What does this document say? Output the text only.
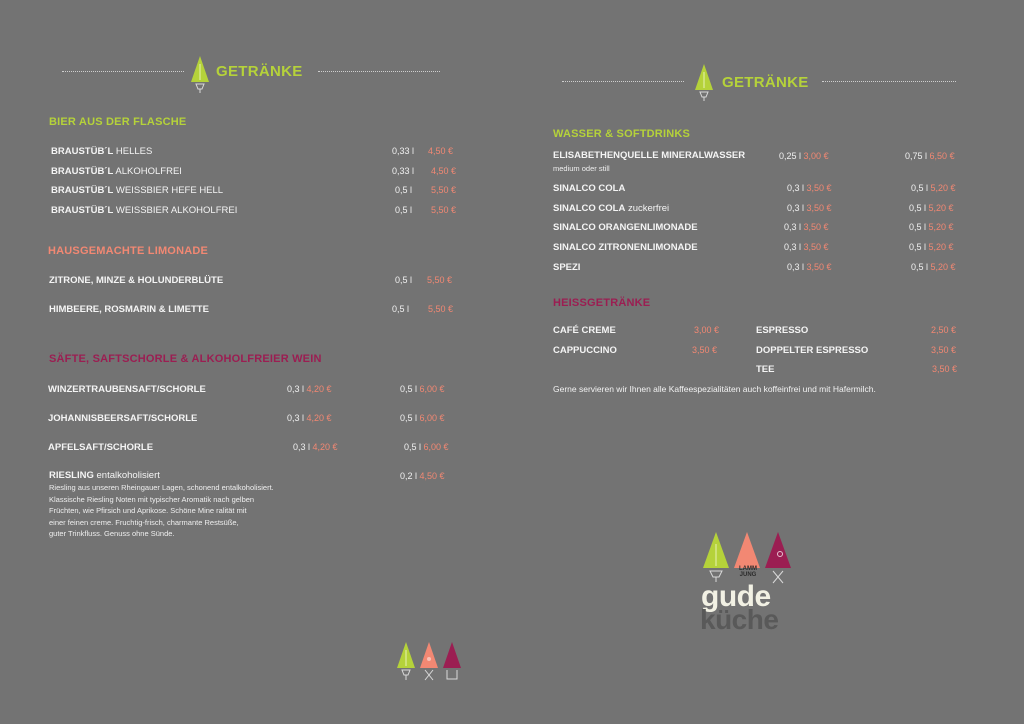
GETRÄNKE
BIER AUS DER FLASCHE
BRAUSTÜB´L HELLES	0,33 l 4,50 €
BRAUSTÜB´L ALKOHOLFREI	0,33 l 4,50 €
BRAUSTÜB´L WEISSBIER HEFE HELL	0,5 l 5,50 €
BRAUSTÜB´L WEISSBIER ALKOHOLFREI	0,5 l 5,50 €
HAUSGEMACHTE LIMONADE
ZITRONE, MINZE & HOLUNDERBLÜTE	0,5 l 5,50 €
HIMBEERE, ROSMARIN & LIMETTE	0,5 l 5,50 €
SÄFTE, SAFTSCHORLE & ALKOHOLFREIER WEIN
WINZERTRAUBENSAFT/SCHORLE	0,3 l 4,20 €	0,5 l 6,00 €
JOHANNISBEERSAFT/SCHORLE	0,3 l 4,20 €	0,5 l 6,00 €
APFELSAFT/SCHORLE	0,3 l 4,20 €	0,5 l 6,00 €
RIESLING entalkoholisiert	0,2 l 4,50 €
Riesling aus unseren Rheingauer Lagen, schonend entalkoholisiert.
Klassische Riesling Noten mit typischer Aromatik nach gelben
Früchten, wie Pfirsich und Aprikose. Schöne Mine ralität mit
einer feinen creme. Fruchtig-frisch, charmante Restsüße,
guter Trinkfluss. Genuss ohne Sünde.
GETRÄNKE
WASSER & SOFTDRINKS
ELISABETHENQUELLE MINERALWASSER
medium oder still
0,25 l 3,00 €	0,75 l 6,50 €
SINALCO COLA	0,3 l 3,50 €	0,5 l 5,20 €
SINALCO COLA zuckerfrei	0,3 l 3,50 €	0,5 l 5,20 €
SINALCO ORANGENLIMONADE	0,3 l 3,50 €	0,5 l 5,20 €
SINALCO ZITRONENLIMONADE	0,3 l 3,50 €	0,5 l 5,20 €
SPEZI	0,3 l 3,50 €	0,5 l 5,20 €
HEISSGETRÄNKE
CAFÉ CREME	3,00 €
CAPPUCCINO	3,50 €
ESPRESSO	2,50 €
DOPPELTER ESPRESSO	3,50 €
TEE	3,50 €
Gerne servieren wir Ihnen alle Kaffeespezialitäten auch koffeinfrei und mit Hafermilch.
LAMM
JUNG
gude
küche
